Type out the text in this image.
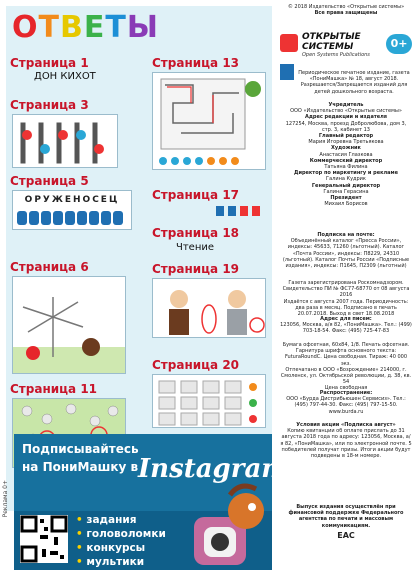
ОТВЕТЫ
Страница 1
ДОН КИХОТ
Страница 3
Страница 5
ОРУЖЕНОСЕЦ
Страница 6
Страница 11
Страница 13
Страница 17
Страница 18
Чтение
Страница 19
Страница 20
© 2018 Издательство «Открытые системы»
Все права защищены
ОТКРЫТЫЕ СИСТЕМЫ
Open Systems Publications
0+
Периодическое печатное издание, газета «ПониМашка» № 18, август 2018.
Разрешается/Запрещается изданий для детей дошкольного возраста.
Учредитель
ООО «Издательство «Открытые системы»
Адрес редакции и издателя
127254, Москва, проезд Добролюбова, дом 3, стр. 3, кабинет 13
Главный редактор
Мария Игоревна Третьякова
Художник
Анастасия Глазкова
Коммерческий директор
Татьяна Филина
Директор по маркетингу и рекламе
Галина Кудрик
Генеральный директор
Галина Герасина
Президент
Михаил Борисов
Подписка на почте:
Объединённый каталог «Пресса России», индексы: 45633, 71260 (льготный). Каталог «Почта России», индексы: П8229, 24310 (льготный). Каталог Почты России «Подписные издания», индексы: П1645, П2309 (льготный)
Газета зарегистрирована Роскомнадзором. Свидетельство ПИ № ФС77-68770 от 08 августа 2016
Издаётся с августа 2007 года. Периодичность: два раза в месяц. Подписано в печать 20.07.2018. Выход в свет 18.08.2018
Адрес для писем:
123056, Москва, а/я 82, «ПониМашка». Тел.: (499) 703-18-54. Факс: (495) 725-47-83
Бумага офсетная, 60x84, 1/8. Печать офсетная. Гарнитура шрифта основного текста: FuturaRoundC. Цена свободная. Тираж: 40 000 экз.
Отпечатано в ООО «Возрождение» 214000, г. Смоленск, ул. Октябрьской революции, д. 38, кв. 54
Цена свободная
Распространение:
ООО «Бурда Дистрибьюшен Сервисиз». Тел.: (495) 797-44-30. Факс: (495) 797-15-50. www.burda.ru
Условия акции «Подписка август»
Копию квитанции об оплате прислать до 31 августа 2018 года по адресу: 123056, Москва, а/я 82, «ПониМашка», или по электронной почте. 5 победителей получат призы. Итоги акции будут подведены в 18-м номере.
Выпуск издания осуществлён при финансовой поддержке Федерального агентства по печати и массовым коммуникациям.
ЕАС
Подписывайтесь
на ПониМашку в Instagram
• задания
• головоломки
• конкурсы
• мультики
Реклама 0+
